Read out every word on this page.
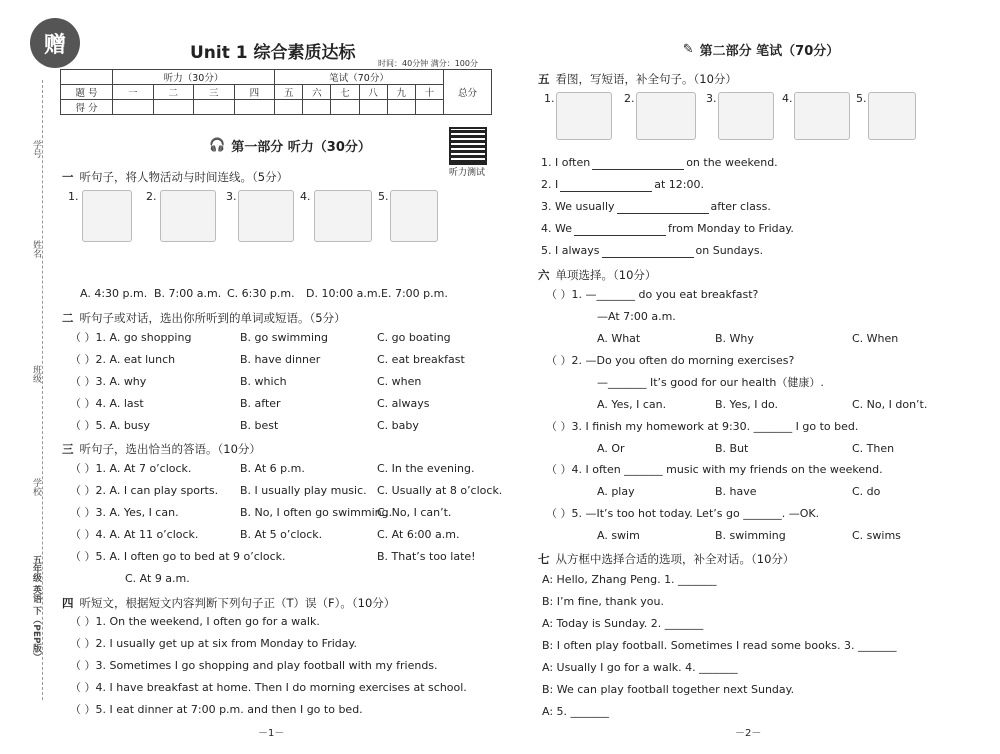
学号
姓名
班级
学校
五年级 英语 下（PEP版）
赠	Unit 1 综合素质达标
时间：40分钟 满分：100分
	听力（30分）				笔试（70分）						总分
题 号	一	二	三	四	五	六	七	八	九	十	
得 分											
🎧 第一部分 听力（30分）
听力测试
一 听句子，将人物活动与时间连线。（5分）
1.	2.	3.	4.	5.
A. 4:30 p.m. B. 7:00 a.m. C. 6:30 p.m. D. 10:00 a.m. E. 7:00 p.m.
二 听句子或对话，选出你所听到的单词或短语。（5分）
（ ）1. A. go shopping	B. go swimming	C. go boating
（ ）2. A. eat lunch	B. have dinner	C. eat breakfast
（ ）3. A. why	B. which	C. when
（ ）4. A. last	B. after	C. always
（ ）5. A. busy	B. best	C. baby
三 听句子，选出恰当的答语。（10分）
（ ）1. A. At 7 o’clock.	B. At 6 p.m.	C. In the evening.
（ ）2. A. I can play sports. B. I usually play music. C. Usually at 8 o’clock.
（ ）3. A. Yes, I can.	B. No, I often go swimming.
C. No, I can’t.
（ ）4. A. At 11 o’clock.	B. At 5 o’clock.	C. At 6:00 a.m.
（ ）5. A. I often go to bed at 9 o’clock.	B. That’s too late!
C. At 9 a.m.
四 听短文，根据短文内容判断下列句子正（T）误（F）。（10分）
（ ）1. On the weekend, I often go for a walk.
（ ）2. I usually get up at six from Monday to Friday.
（ ）3. Sometimes I go shopping and play football with my friends.
（ ）4. I have breakfast at home. Then I do morning exercises at school.
（ ）5. I eat dinner at 7:00 p.m. and then I go to bed.
－1－
✎ 第二部分 笔试（70分）
五 看图，写短语，补全句子。（10分）
1.	2.	3.	4.	5.
1. I often	on the weekend.
2. I	at 12:00.
3. We usually	after class.
4. We	from Monday to Friday.
5. I always	on Sundays.
六 单项选择。（10分）
（ ）1. —_______ do you eat breakfast?
—At 7:00 a.m.
A. What	B. Why	C. When
（ ）2. —Do you often do morning exercises?
—_______ It’s good for our health（健康）.
A. Yes, I can.	B. Yes, I do.	C. No, I don’t.
（ ）3. I finish my homework at 9:30. _______ I go to bed.
A. Or	B. But	C. Then
（ ）4. I often _______ music with my friends on the weekend.
A. play	B. have	C. do
（ ）5. —It’s too hot today. Let’s go _______. —OK.
A. swim	B. swimming	C. swims
七 从方框中选择合适的选项，补全对话。（10分）
A: Hello, Zhang Peng. 1. _______
B: I’m fine, thank you.
A: Today is Sunday. 2. _______
B: I often play football. Sometimes I read some books. 3. _______
A: Usually I go for a walk. 4. _______
B: We can play football together next Sunday.
A: 5. _______
－2－
